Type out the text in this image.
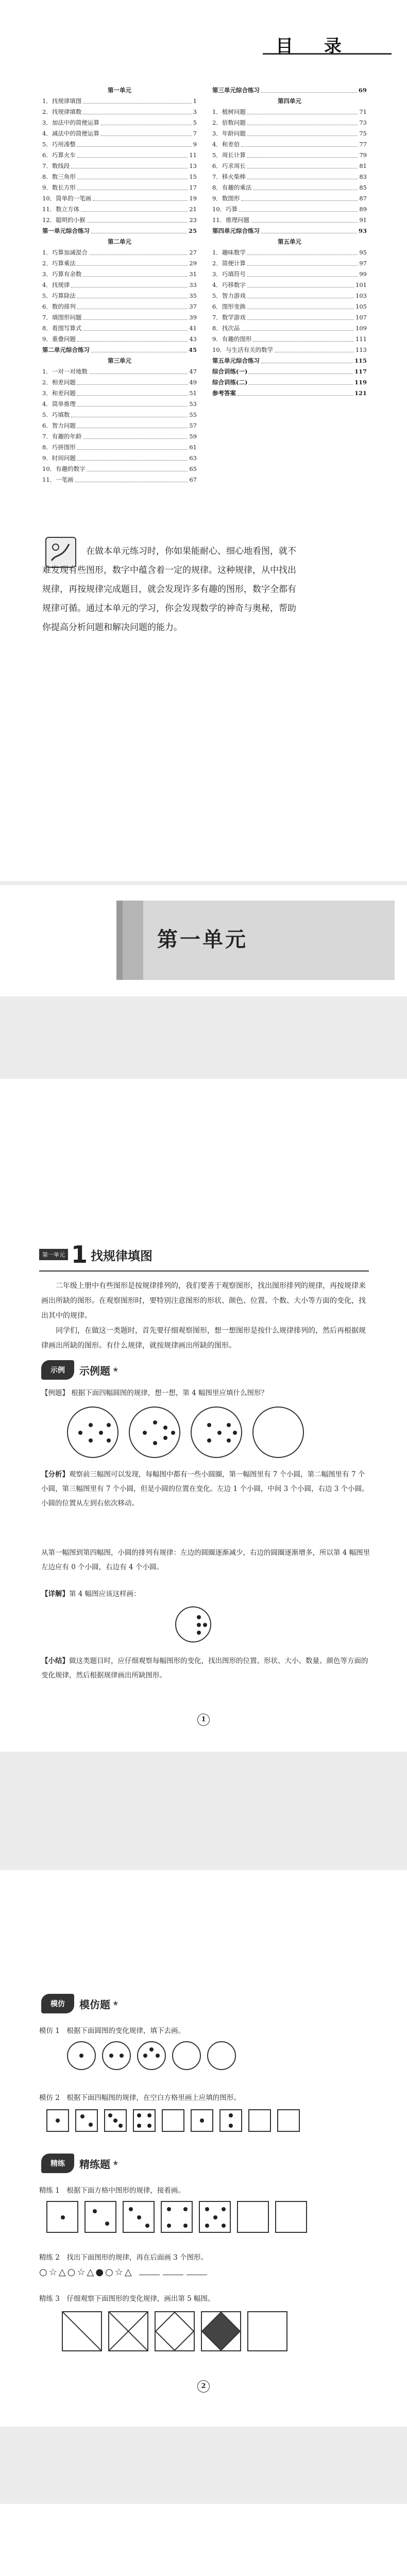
目 录
第一单元
1．找规律填图	1
2．找规律填数	3
3．加法中的简便运算	5
4．减法中的简便运算	7
5．巧用凑整	9
6．巧算火车	11
7．数线段	13
8．数三角形	15
9．数长方形	17
10．简单的一笔画	19
11．数立方体	21
12．聪明的小猴	23
第一单元综合练习	25
第二单元
1．巧算加减混合	27
2．巧算乘法	29
3．巧算有余数	31
4．找规律	33
5．巧算除法	35
6．数的排列	37
7．填图形问题	39
8．看图写算式	41
9．重叠问题	43
第二单元综合练习	45
第三单元
1．一对一对地数	47
2．相差问题	49
3．和差问题	51
4．简单推理	53
5．巧填数	55
6．智力问题	57
7．有趣的年龄	59
8．巧拼图形	61
9．时间问题	63
10．有趣的数字	65
11．一笔画	67
第三单元综合练习	69
第四单元
1．植树问题	71
2．倍数问题	73
3．年龄问题	75
4．和差倍	77
5．周长计算	79
6．巧求周长	81
7．移火柴棒	83
8．有趣的乘法	85
9．数图形	87
10．巧算	89
11．推理问题	91
第四单元综合练习	93
第五单元
1．趣味数学	95
2．简便计算	97
3．巧填符号	99
4．巧移数字	101
5．智力游戏	103
6．图形变换	105
7．数学游戏	107
8．找次品	109
9．有趣的图形	111
10．与生活有关的数学	113
第五单元综合练习	115
综合训练(一)	117
综合训练(二)	119
参考答案	121
在做本单元练习时，你如果能耐心、细心地看图，就不难发现有些图形，数字中蕴含着一定的规律。这种规律，从中找出规律，再按规律完成题目，就会发现许多有趣的图形，数字全都有规律可循。通过本单元的学习，你会发现数学的神奇与奥秘，帮助你提高分析问题和解决问题的能力。
第一单元
第一单元 1 找规律填图

二年级上册中有些图形是按规律排列的，我们要善于观察图形，找出图形排列的规律，再按规律来画出所缺的图形。在观察图形时，要特别注意图形的形状、颜色、位置、个数、大小等方面的变化，找出其中的规律。

同学们，在做这一类题时，首先要仔细观察图形，想一想图形是按什么规律排列的，然后再根据规律画出所缺的图形。有什么规律，就按规律画出所缺的图形。

示例	示例题 ★
【例题】 根据下面四幅圆图的规律，想一想，第 4 幅图里应填什么图形？
【分析】观察前三幅图可以发现，每幅图中都有一些小圆圈，第一幅图里有 7 个小圆，第二幅图里有 7 个小圆，第三幅图里有 7 个小圆，但是小圆的位置在变化。左边 1 个小圆，中间 3 个小圆，右边 3 个小圆。小圆的位置从左到右依次移动。
从第一幅图到第四幅图，小圆的排列有规律：左边的圆圈逐渐减少，右边的圆圈逐渐增多，所以第 4 幅图里左边应有 0 个小圆，右边有 4 个小圆。
【详解】第 4 幅图应该这样画：
【小结】做这类题目时，应仔细观察每幅图形的变化，找出图形的位置、形状、大小、数量、颜色等方面的变化规律，然后根据规律画出所缺图形。
1
模仿	模仿题 ★
模仿 1　根据下面圆图的变化规律，填下去画。
模仿 2　根据下面四幅图的规律，在空白方格里画上应填的图形。
精练	精练题 ★
精练 1　根据下面方格中图形的规律，接着画。
精练 2　找出下面图形的规律，再在后面画 3 个图形。
○☆△○☆△●○☆△
精练 3　仔细观察下面图形的变化规律，画出第 5 幅图。
2
